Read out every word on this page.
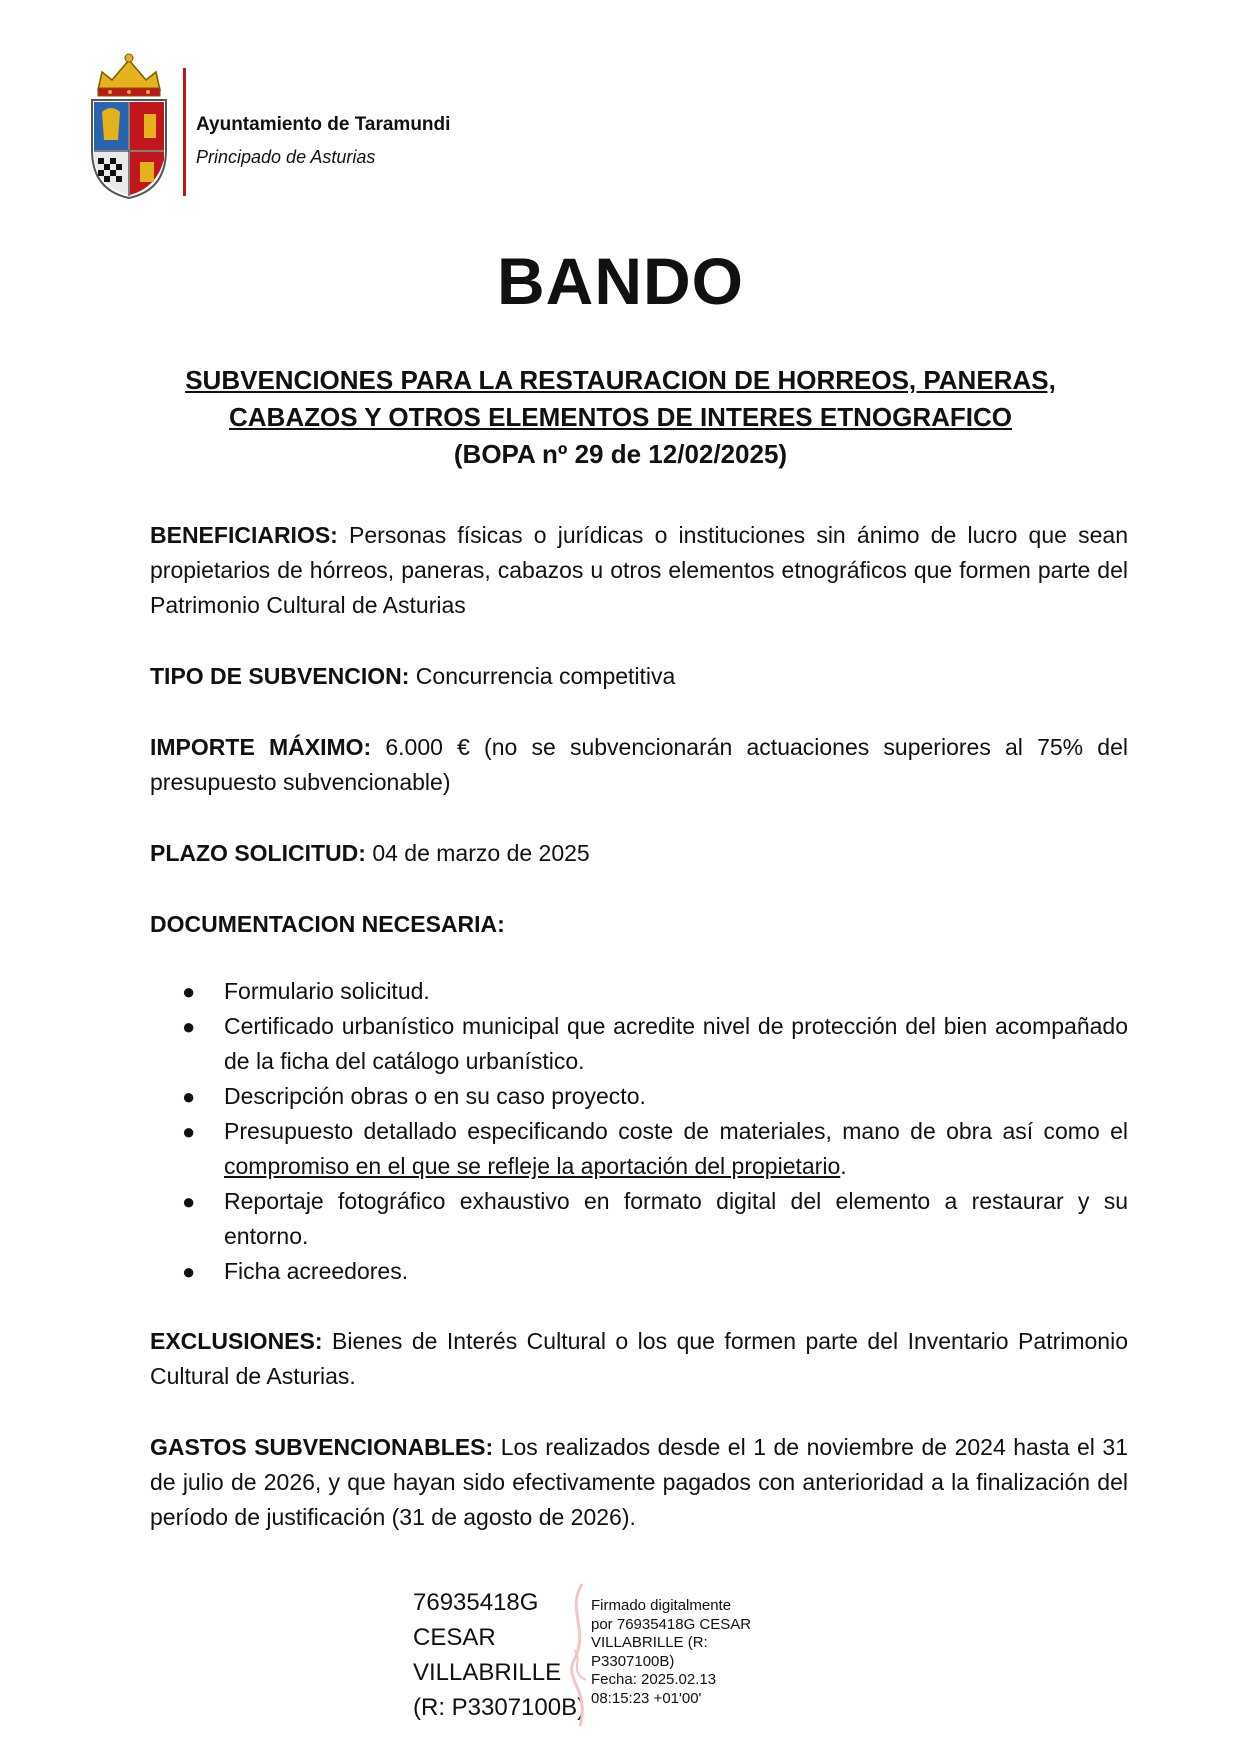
Ayuntamiento de Taramundi
Principado de Asturias
BANDO
SUBVENCIONES PARA LA RESTAURACION DE HORREOS, PANERAS,
CABAZOS Y OTROS ELEMENTOS DE INTERES ETNOGRAFICO
(BOPA nº 29 de 12/02/2025)

BENEFICIARIOS: Personas físicas o jurídicas o instituciones sin ánimo de lucro que sean propietarios de hórreos, paneras, cabazos u otros elementos etnográficos que formen parte del Patrimonio Cultural de Asturias

TIPO DE SUBVENCION: Concurrencia competitiva

IMPORTE MÁXIMO: 6.000 € (no se subvencionarán actuaciones superiores al 75% del presupuesto subvencionable)

PLAZO SOLICITUD: 04 de marzo de 2025

DOCUMENTACION NECESARIA:

● Formulario solicitud.
● Certificado urbanístico municipal que acredite nivel de protección del bien acompañado de la ficha del catálogo urbanístico.
● Descripción obras o en su caso proyecto.
● Presupuesto detallado especificando coste de materiales, mano de obra así como el compromiso en el que se refleje la aportación del propietario.
● Reportaje fotográfico exhaustivo en formato digital del elemento a restaurar y su entorno.
● Ficha acreedores.

EXCLUSIONES: Bienes de Interés Cultural o los que formen parte del Inventario Patrimonio Cultural de Asturias.

GASTOS SUBVENCIONABLES: Los realizados desde el 1 de noviembre de 2024 hasta el 31 de julio de 2026, y que hayan sido efectivamente pagados con anterioridad a la finalización del período de justificación (31 de agosto de 2026).

76935418G
CESAR
VILLABRILLE
(R: P3307100B)
Firmado digitalmente
por 76935418G CESAR
VILLABRILLE (R:
P3307100B)
Fecha: 2025.02.13
08:15:23 +01'00'
